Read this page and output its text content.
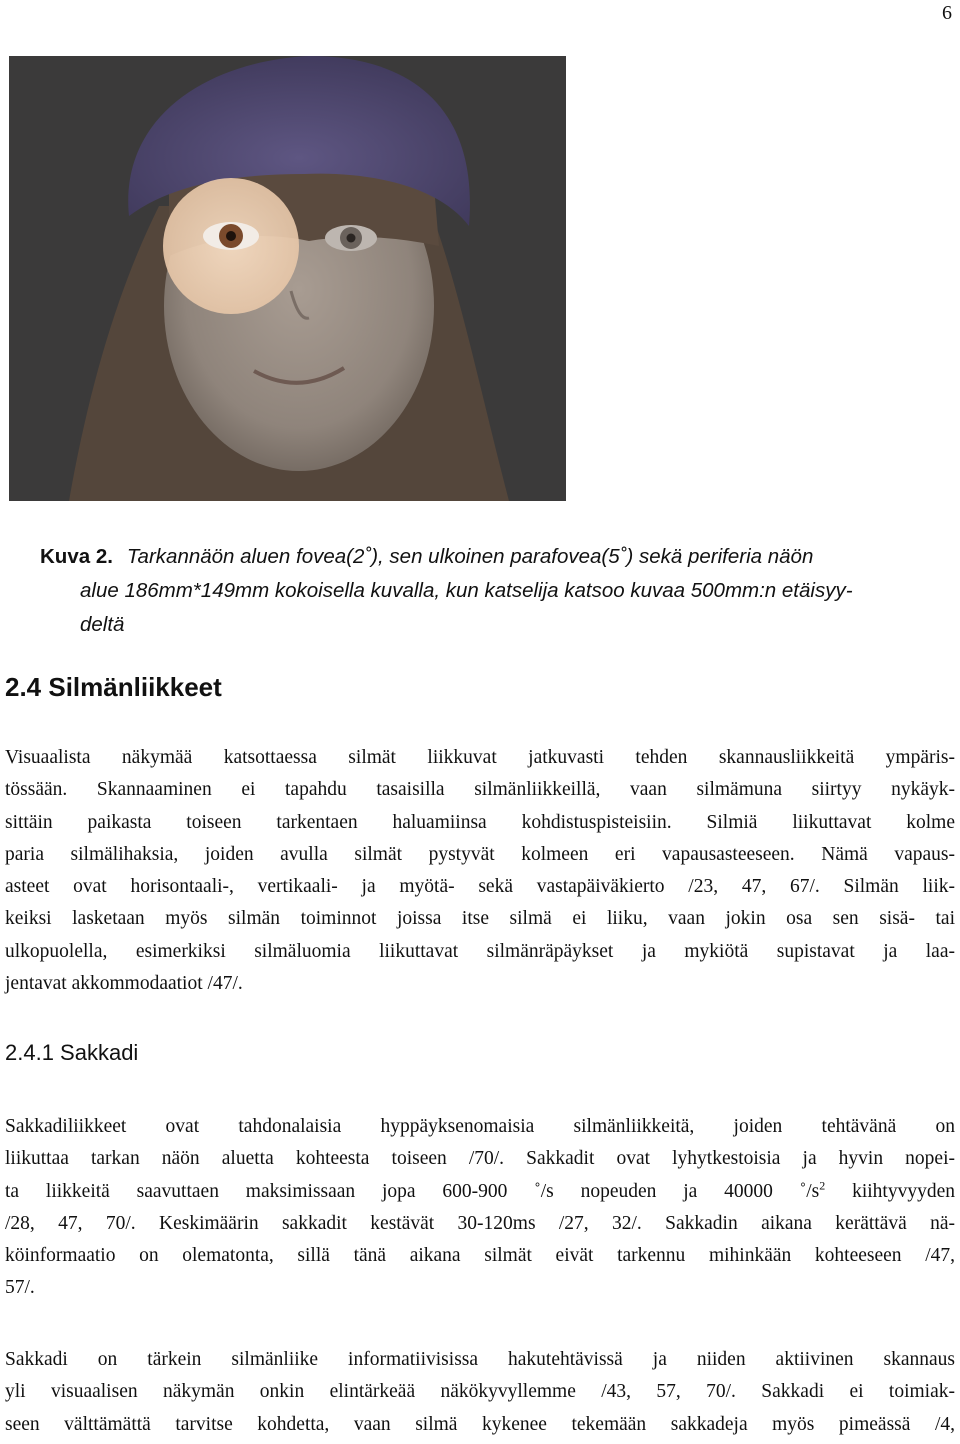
6
Kuva 2. Tarkannäön aluen fovea(2˚), sen ulkoinen parafovea(5˚) sekä periferia näön
alue 186mm*149mm kokoisella kuvalla, kun katselija katsoo kuvaa 500mm:n etäisyy-
deltä
2.4 Silmänliikkeet
Visuaalista näkymää katsottaessa silmät liikkuvat jatkuvasti tehden skannausliikkeitä ympäris-
tössään. Skannaaminen ei tapahdu tasaisilla silmänliikkeillä, vaan silmämuna siirtyy nykäyk-
sittäin paikasta toiseen tarkentaen haluamiinsa kohdistuspisteisiin. Silmiä liikuttavat kolme
paria silmälihaksia, joiden avulla silmät pystyvät kolmeen eri vapausasteeseen. Nämä vapaus-
asteet ovat horisontaali-, vertikaali- ja myötä- sekä vastapäiväkierto /23, 47, 67/. Silmän liik-
keiksi lasketaan myös silmän toiminnot joissa itse silmä ei liiku, vaan jokin osa sen sisä- tai
ulkopuolella, esimerkiksi silmäluomia liikuttavat silmänräpäykset ja mykiötä supistavat ja laa-
jentavat akkommodaatiot /47/.
2.4.1 Sakkadi
Sakkadiliikkeet ovat tahdonalaisia hyppäyksenomaisia silmänliikkeitä, joiden tehtävänä on
liikuttaa tarkan näön aluetta kohteesta toiseen /70/. Sakkadit ovat lyhytkestoisia ja hyvin nopei-
ta liikkeitä saavuttaen maksimissaan jopa 600-900 ˚/s nopeuden ja 40000 $˚/s^2$ kiihtyvyyden
/28, 47, 70/. Keskimäärin sakkadit kestävät 30-120ms /27, 32/. Sakkadin aikana kerättävä nä-
köinformaatio on olematonta, sillä tänä aikana silmät eivät tarkennu mihinkään kohteeseen /47,
57/.
Sakkadi on tärkein silmänliike informatiivisissa hakutehtävissä ja niiden aktiivinen skannaus
yli visuaalisen näkymän onkin elintärkeää näkökyvyllemme /43, 57, 70/. Sakkadi ei toimiak-
seen välttämättä tarvitse kohdetta, vaan silmä kykenee tekemään sakkadeja myös pimeässä /4,
